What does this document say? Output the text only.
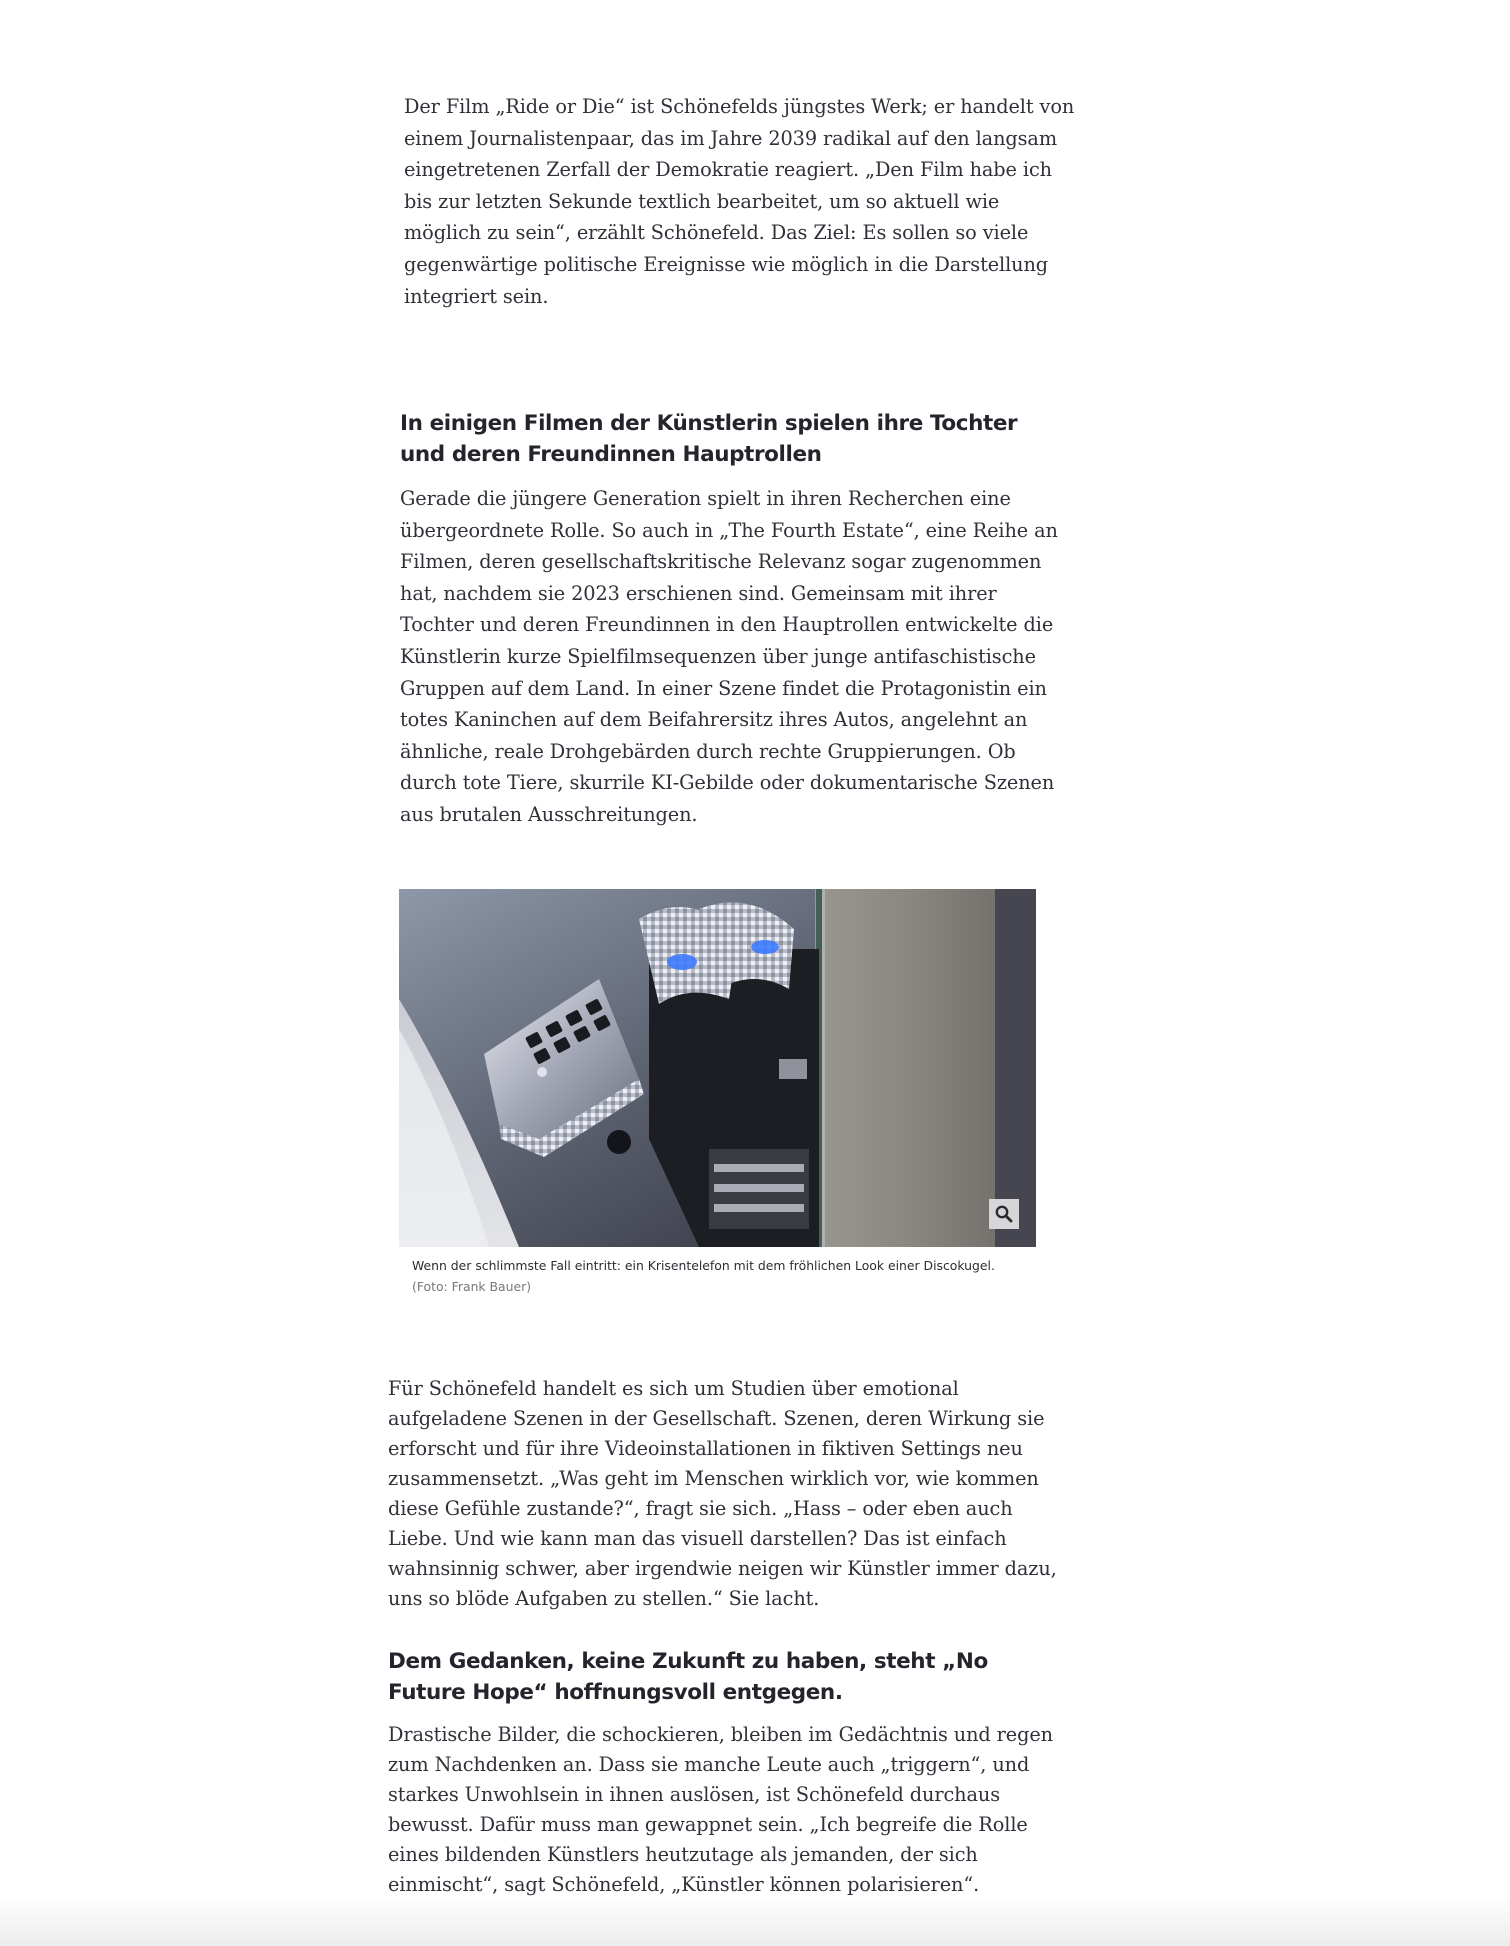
Der Film „Ride or Die“ ist Schönefelds jüngstes Werk; er handelt von
einem Journalistenpaar, das im Jahre 2039 radikal auf den langsam
eingetretenen Zerfall der Demokratie reagiert. „Den Film habe ich
bis zur letzten Sekunde textlich bearbeitet, um so aktuell wie
möglich zu sein“, erzählt Schönefeld. Das Ziel: Es sollen so viele
gegenwärtige politische Ereignisse wie möglich in die Darstellung
integriert sein.

In einigen Filmen der Künstlerin spielen ihre Tochter
und deren Freundinnen Hauptrollen

Gerade die jüngere Generation spielt in ihren Recherchen eine
übergeordnete Rolle. So auch in „The Fourth Estate“, eine Reihe an
Filmen, deren gesellschaftskritische Relevanz sogar zugenommen
hat, nachdem sie 2023 erschienen sind. Gemeinsam mit ihrer
Tochter und deren Freundinnen in den Hauptrollen entwickelte die
Künstlerin kurze Spielfilmsequenzen über junge antifaschistische
Gruppen auf dem Land. In einer Szene findet die Protagonistin ein
totes Kaninchen auf dem Beifahrersitz ihres Autos, angelehnt an
ähnliche, reale Drohgebärden durch rechte Gruppierungen. Ob
durch tote Tiere, skurrile KI-Gebilde oder dokumentarische Szenen
aus brutalen Ausschreitungen.

Wenn der schlimmste Fall eintritt: ein Krisentelefon mit dem fröhlichen Look einer Discokugel.
(Foto: Frank Bauer)

Für Schönefeld handelt es sich um Studien über emotional
aufgeladene Szenen in der Gesellschaft. Szenen, deren Wirkung sie
erforscht und für ihre Videoinstallationen in fiktiven Settings neu
zusammensetzt. „Was geht im Menschen wirklich vor, wie kommen
diese Gefühle zustande?“, fragt sie sich. „Hass – oder eben auch
Liebe. Und wie kann man das visuell darstellen? Das ist einfach
wahnsinnig schwer, aber irgendwie neigen wir Künstler immer dazu,
uns so blöde Aufgaben zu stellen.“ Sie lacht.

Dem Gedanken, keine Zukunft zu haben, steht „No
Future Hope“ hoffnungsvoll entgegen.

Drastische Bilder, die schockieren, bleiben im Gedächtnis und regen
zum Nachdenken an. Dass sie manche Leute auch „triggern“, und
starkes Unwohlsein in ihnen auslösen, ist Schönefeld durchaus
bewusst. Dafür muss man gewappnet sein. „Ich begreife die Rolle
eines bildenden Künstlers heutzutage als jemanden, der sich
einmischt“, sagt Schönefeld, „Künstler können polarisieren“.
